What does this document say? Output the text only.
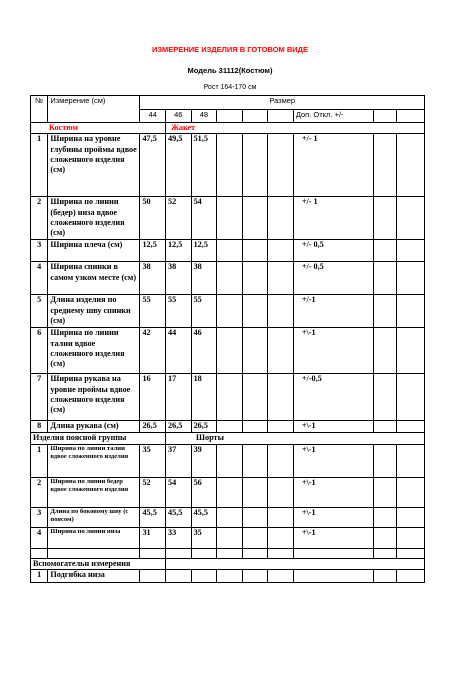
ИЗМЕРЕНИЕ ИЗДЕЛИЯ В ГОТОВОМ ВИДЕ
Модель 31112(Костюм)
Рост 164-170 см
№	Измерение (см)	Размер								
		44	46	48				Доп. Откл. +/-		
Костюм			Жакет							
1	Ширина на уровне глубины проймы вдвое сложенного изделия (см)	47,5	49,5	51,5				+/- 1		
2	Ширина по линии (бедер) низа вдвое сложенного изделия (см)	50	52	54				+/- 1		
3	Ширина плеча (см)	12,5	12,5	12,5				+/- 0,5		
4	Ширина спинки в самом узком месте (см)	38	38	38				+/- 0,5		
5	Длина изделия по среднему шву спинки (см)	55	55	55				+/-1		
6	Ширина по линии талии вдвое сложенного изделия (см)	42	44	46				+\-1		
7	Ширина рукава на уровне проймы вдвое сложенного изделия (см)	16	17	18				+/-0,5		
8	Длина рукава (см)	26,5	26,5	26,5				+\-1		
Изделия поясной группы			Шорты							
1	Ширина по линии талии вдвое сложенного изделия	35	37	39				+\-1		
2	Ширина по линии бедер вдвое сложенного изделия	52	54	56				+\-1		
3	Длина по боковому шву (с поясом)	45,5	45,5	45,5				+\-1		
4	Ширина по линии низа	31	33	35				+\-1		

Вспомогательн измерения										
1	Подгибка низа									
